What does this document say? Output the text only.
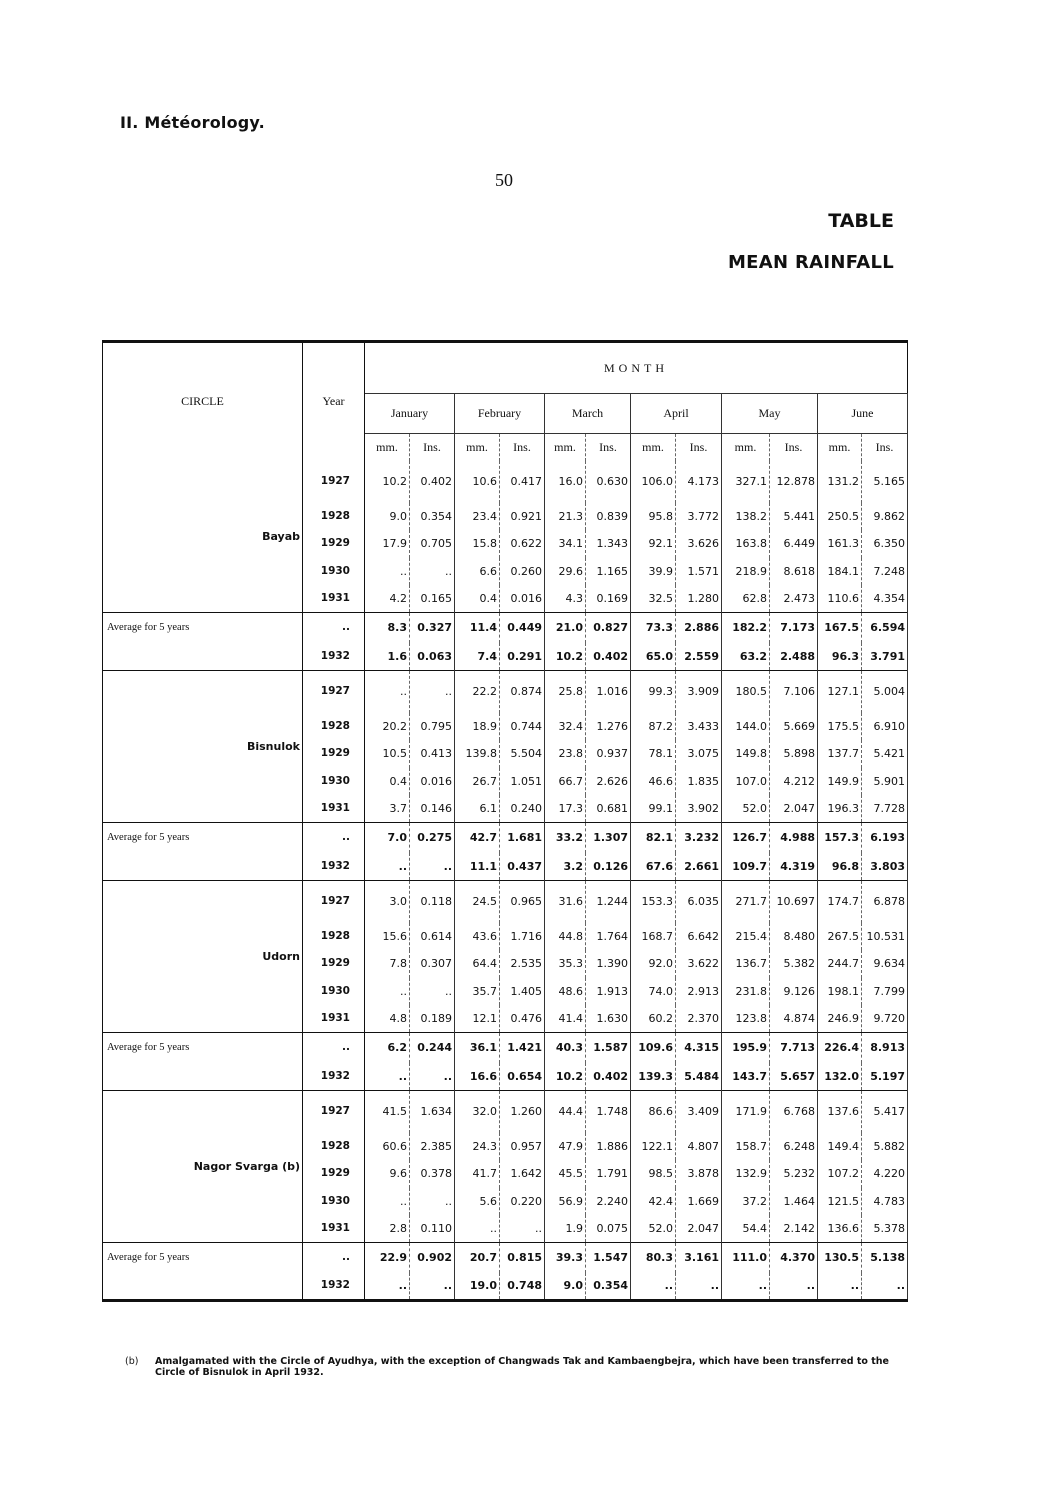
II. Météorology.
50
TABLE
MEAN RAINFALL
CIRCLE	Year	MONTH											
		January		February		March		April		May		June	
		mm.	Ins.	mm.	Ins.	mm.	Ins.	mm.	Ins.	mm.	Ins.	mm.	Ins.
Bayab	1927	10.2	0.402	10.6	0.417	16.0	0.630	106.0	4.173	327.1	12.878	131.2	5.165
	1928	9.0	0.354	23.4	0.921	21.3	0.839	95.8	3.772	138.2	5.441	250.5	9.862
	1929	17.9	0.705	15.8	0.622	34.1	1.343	92.1	3.626	163.8	6.449	161.3	6.350
	1930	..	..	6.6	0.260	29.6	1.165	39.9	1.571	218.9	8.618	184.1	7.248
	1931	4.2	0.165	0.4	0.016	4.3	0.169	32.5	1.280	62.8	2.473	110.6	4.354
Average for 5 years	..	8.3	0.327	11.4	0.449	21.0	0.827	73.3	2.886	182.2	7.173	167.5	6.594
	1932	1.6	0.063	7.4	0.291	10.2	0.402	65.0	2.559	63.2	2.488	96.3	3.791
Bisnulok	1927	..	..	22.2	0.874	25.8	1.016	99.3	3.909	180.5	7.106	127.1	5.004
	1928	20.2	0.795	18.9	0.744	32.4	1.276	87.2	3.433	144.0	5.669	175.5	6.910
	1929	10.5	0.413	139.8	5.504	23.8	0.937	78.1	3.075	149.8	5.898	137.7	5.421
	1930	0.4	0.016	26.7	1.051	66.7	2.626	46.6	1.835	107.0	4.212	149.9	5.901
	1931	3.7	0.146	6.1	0.240	17.3	0.681	99.1	3.902	52.0	2.047	196.3	7.728
Average for 5 years	..	7.0	0.275	42.7	1.681	33.2	1.307	82.1	3.232	126.7	4.988	157.3	6.193
	1932	..	..	11.1	0.437	3.2	0.126	67.6	2.661	109.7	4.319	96.8	3.803
Udorn	1927	3.0	0.118	24.5	0.965	31.6	1.244	153.3	6.035	271.7	10.697	174.7	6.878
	1928	15.6	0.614	43.6	1.716	44.8	1.764	168.7	6.642	215.4	8.480	267.5	10.531
	1929	7.8	0.307	64.4	2.535	35.3	1.390	92.0	3.622	136.7	5.382	244.7	9.634
	1930	..	..	35.7	1.405	48.6	1.913	74.0	2.913	231.8	9.126	198.1	7.799
	1931	4.8	0.189	12.1	0.476	41.4	1.630	60.2	2.370	123.8	4.874	246.9	9.720
Average for 5 years	..	6.2	0.244	36.1	1.421	40.3	1.587	109.6	4.315	195.9	7.713	226.4	8.913
	1932	..	..	16.6	0.654	10.2	0.402	139.3	5.484	143.7	5.657	132.0	5.197
Nagor Svarga (b)	1927	41.5	1.634	32.0	1.260	44.4	1.748	86.6	3.409	171.9	6.768	137.6	5.417
	1928	60.6	2.385	24.3	0.957	47.9	1.886	122.1	4.807	158.7	6.248	149.4	5.882
	1929	9.6	0.378	41.7	1.642	45.5	1.791	98.5	3.878	132.9	5.232	107.2	4.220
	1930	..	..	5.6	0.220	56.9	2.240	42.4	1.669	37.2	1.464	121.5	4.783
	1931	2.8	0.110	..	..	1.9	0.075	52.0	2.047	54.4	2.142	136.6	5.378
Average for 5 years	..	22.9	0.902	20.7	0.815	39.3	1.547	80.3	3.161	111.0	4.370	130.5	5.138
	1932	..	..	19.0	0.748	9.0	0.354	..	..	..	..	..	..
(b) Amalgamated with the Circle of Ayudhya, with the exception of Changwads Tak and Kambaengbejra, which have been transferred to the Circle of Bisnulok in April 1932.
